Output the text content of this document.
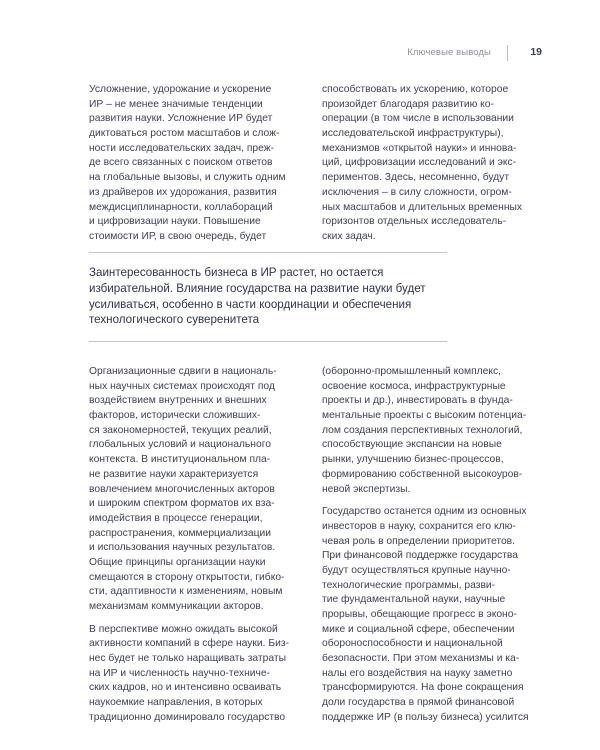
Ключевые выводы	19
Усложнение, удорожание и ускорение
ИР – не менее значимые тенденции
развития науки. Усложнение ИР будет
диктоваться ростом масштабов и слож-
ности исследовательских задач, преж-
де всего связанных с поиском ответов
на глобальные вызовы, и служить одним
из драйверов их удорожания, развития
междисциплинарности, коллабораций
и цифровизации науки. Повышение
стоимости ИР, в свою очередь, будет
способствовать их ускорению, которое
произойдет благодаря развитию ко-
операции (в том числе в использовании
исследовательской инфраструктуры),
механизмов «открытой науки» и иннова-
ций, цифровизации исследований и экс-
периментов. Здесь, несомненно, будут
исключения – в силу сложности, огром-
ных масштабов и длительных временных
горизонтов отдельных исследователь-
ских задач.
Заинтересованность бизнеса в ИР растет, но остается
избирательной. Влияние государства на развитие науки будет
усиливаться, особенно в части координации и обеспечения
технологического суверенитета
Организационные сдвиги в националь-
ных научных системах происходят под
воздействием внутренних и внешних
факторов, исторически сложивших-
ся закономерностей, текущих реалий,
глобальных условий и национального
контекста. В институциональном пла-
не развитие науки характеризуется
вовлечением многочисленных акторов
и широким спектром форматов их вза-
имодействия в процессе генерации,
распространения, коммерциализации
и использования научных результатов.
Общие принципы организации науки
смещаются в сторону открытости, гибко-
сти, адаптивности к изменениям, новым
механизмам коммуникации акторов.
В перспективе можно ожидать высокой
активности компаний в сфере науки. Биз-
нес будет не только наращивать затраты
на ИР и численность научно-техниче-
ских кадров, но и интенсивно осваивать
наукоемкие направления, в которых
традиционно доминировало государство
(оборонно-промышленный комплекс,
освоение космоса, инфраструктурные
проекты и др.), инвестировать в фунда-
ментальные проекты с высоким потенциа-
лом создания перспективных технологий,
способствующие экспансии на новые
рынки, улучшению бизнес-процессов,
формированию собственной высокоуров-
невой экспертизы.
Государство останется одним из основных
инвесторов в науку, сохранится его клю-
чевая роль в определении приоритетов.
При финансовой поддержке государства
будут осуществляться крупные научно-
технологические программы, разви-
тие фундаментальной науки, научные
прорывы, обещающие прогресс в эконо-
мике и социальной сфере, обеспечении
обороноспособности и национальной
безопасности. При этом механизмы и ка-
налы его воздействия на науку заметно
трансформируются. На фоне сокращения
доли государства в прямой финансовой
поддержке ИР (в пользу бизнеса) усилится
